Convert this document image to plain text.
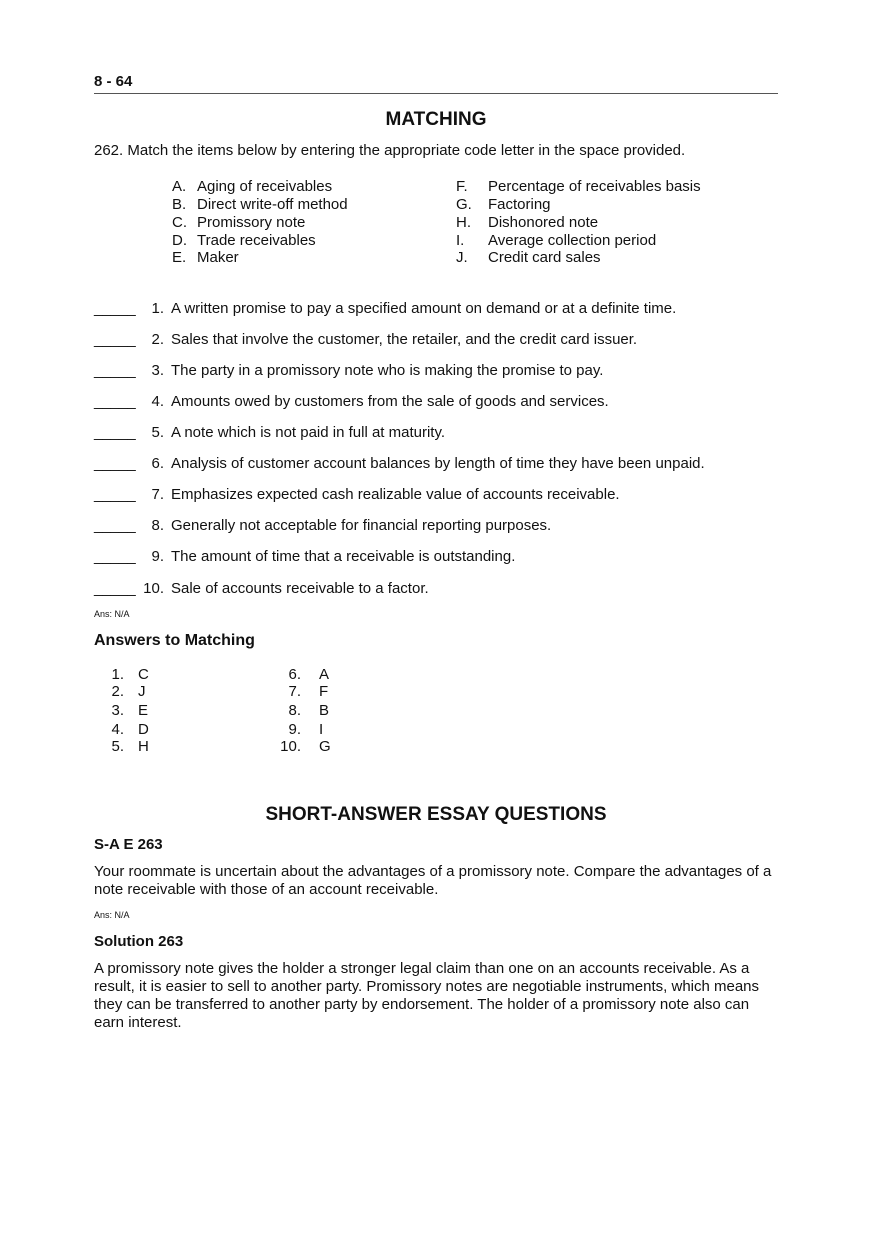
8 - 64
MATCHING
262. Match the items below by entering the appropriate code letter in the space provided.
A. Aging of receivables
B. Direct write-off method
C. Promissory note
D. Trade receivables
E. Maker
F. Percentage of receivables basis
G. Factoring
H. Dishonored note
I. Average collection period
J. Credit card sales
_____	1. A written promise to pay a specified amount on demand or at a definite time.
_____	2. Sales that involve the customer, the retailer, and the credit card issuer.
_____	3. The party in a promissory note who is making the promise to pay.
_____	4. Amounts owed by customers from the sale of goods and services.
_____	5. A note which is not paid in full at maturity.
_____	6. Analysis of customer account balances by length of time they have been unpaid.
_____	7. Emphasizes expected cash realizable value of accounts receivable.
_____	8. Generally not acceptable for financial reporting purposes.
_____	9. The amount of time that a receivable is outstanding.
_____ 10. Sale of accounts receivable to a factor.
Ans: N/A
Answers to Matching
1. C
2. J
3. E
4. D
5. H
6. A
7. F
8. B
9. I
10. G
SHORT-ANSWER ESSAY QUESTIONS
S-A E 263
Your roommate is uncertain about the advantages of a promissory note. Compare the advantages of a note receivable with those of an account receivable.
Ans: N/A
Solution 263
A promissory note gives the holder a stronger legal claim than one on an accounts receivable. As a result, it is easier to sell to another party. Promissory notes are negotiable instruments, which means they can be transferred to another party by endorsement. The holder of a promissory note also can earn interest.
